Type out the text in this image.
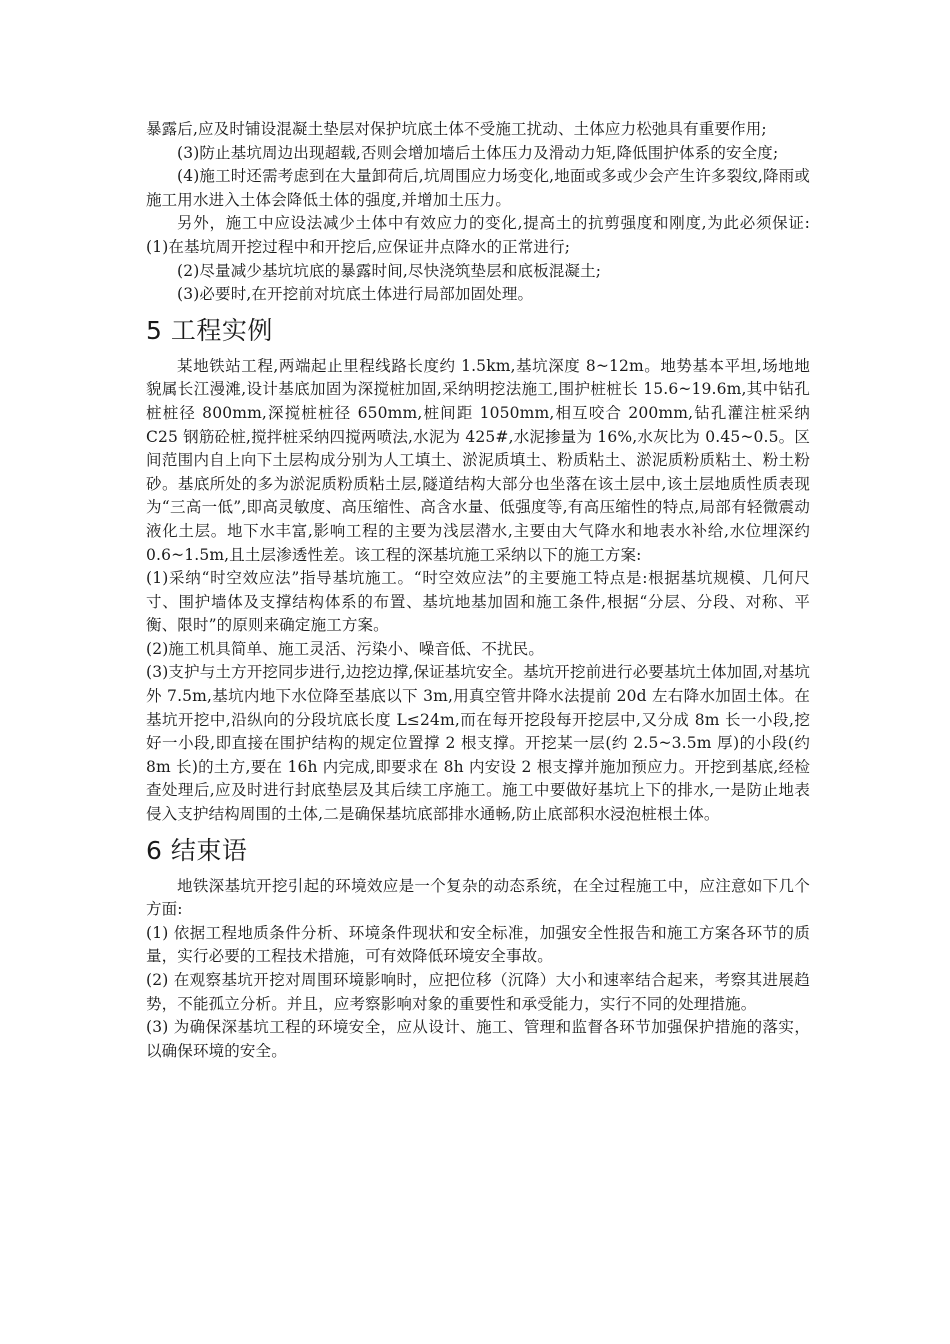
暴露后,应及时铺设混凝土垫层对保护坑底土体不受施工扰动、土体应力松弛具有重要作用;

(3)防止基坑周边出现超载,否则会增加墙后土体压力及滑动力矩,降低围护体系的安全度;

(4)施工时还需考虑到在大量卸荷后,坑周围应力场变化,地面或多或少会产生许多裂纹,降雨或施工用水进入土体会降低土体的强度,并增加土压力。

另外，施工中应设法减少土体中有效应力的变化,提高土的抗剪强度和刚度,为此必须保证: (1)在基坑周开挖过程中和开挖后,应保证井点降水的正常进行;

(2)尽量减少基坑坑底的暴露时间,尽快浇筑垫层和底板混凝土;

(3)必要时,在开挖前对坑底土体进行局部加固处理。

5 工程实例

某地铁站工程,两端起止里程线路长度约 1.5km,基坑深度 8~12m。地势基本平坦,场地地貌属长江漫滩,设计基底加固为深搅桩加固,采纳明挖法施工,围护桩桩长 15.6~19.6m,其中钻孔桩桩径 800mm,深搅桩桩径 650mm,桩间距 1050mm,相互咬合 200mm,钻孔灌注桩采纳 C25 钢筋砼桩,搅拌桩采纳四搅两喷法,水泥为 425#,水泥掺量为 16%,水灰比为 0.45~0.5。区间范围内自上向下土层构成分别为人工填土、淤泥质填土、粉质粘土、淤泥质粉质粘土、粉土粉砂。基底所处的多为淤泥质粉质粘土层,隧道结构大部分也坐落在该土层中,该土层地质性质表现为“三高一低”,即高灵敏度、高压缩性、高含水量、低强度等,有高压缩性的特点,局部有轻微震动液化土层。地下水丰富,影响工程的主要为浅层潜水,主要由大气降水和地表水补给,水位埋深约 0.6~1.5m,且土层渗透性差。该工程的深基坑施工采纳以下的施工方案:

(1)采纳“时空效应法”指导基坑施工。“时空效应法”的主要施工特点是:根据基坑规模、几何尺寸、围护墙体及支撑结构体系的布置、基坑地基加固和施工条件,根据“分层、分段、对称、平衡、限时”的原则来确定施工方案。

(2)施工机具简单、施工灵活、污染小、噪音低、不扰民。

(3)支护与土方开挖同步进行,边挖边撑,保证基坑安全。基坑开挖前进行必要基坑土体加固,对基坑外 7.5m,基坑内地下水位降至基底以下 3m,用真空管井降水法提前 20d 左右降水加固土体。在基坑开挖中,沿纵向的分段坑底长度 L≤24m,而在每开挖段每开挖层中,又分成 8m 长一小段,挖好一小段,即直接在围护结构的规定位置撑 2 根支撑。开挖某一层(约 2.5~3.5m 厚)的小段(约 8m 长)的土方,要在 16h 内完成,即要求在 8h 内安设 2 根支撑并施加预应力。开挖到基底,经检查处理后,应及时进行封底垫层及其后续工序施工。施工中要做好基坑上下的排水,一是防止地表侵入支护结构周围的土体,二是确保基坑底部排水通畅,防止底部积水浸泡桩根土体。

6 结束语

地铁深基坑开挖引起的环境效应是一个复杂的动态系统，在全过程施工中，应注意如下几个方面:

(1) 依据工程地质条件分析、环境条件现状和安全标准，加强安全性报告和施工方案各环节的质量，实行必要的工程技术措施，可有效降低环境安全事故。

(2) 在观察基坑开挖对周围环境影响时，应把位移（沉降）大小和速率结合起来，考察其进展趋势，不能孤立分析。并且，应考察影响对象的重要性和承受能力，实行不同的处理措施。

(3) 为确保深基坑工程的环境安全，应从设计、施工、管理和监督各环节加强保护措施的落实，以确保环境的安全。
